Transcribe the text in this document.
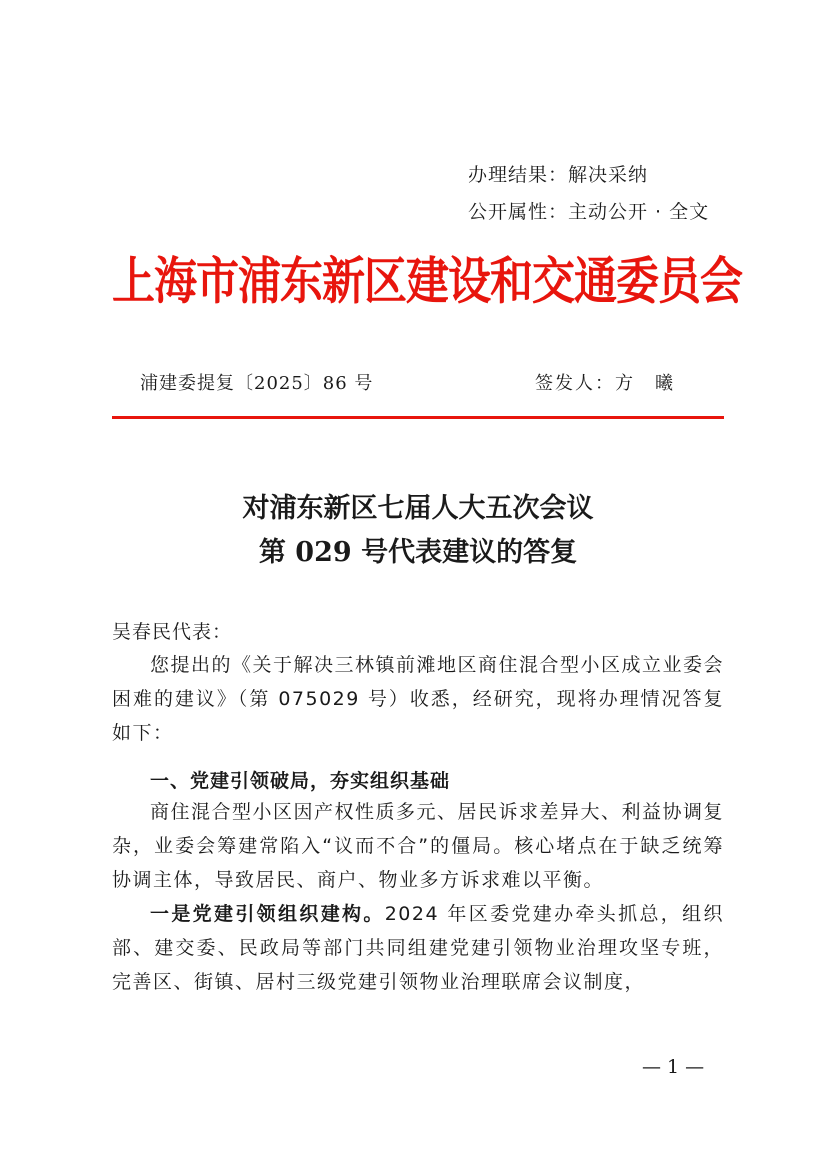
办理结果：解决采纳
公开属性：主动公开 · 全文
上海市浦东新区建设和交通委员会
浦建委提复〔2025〕86 号	签发人：方　曦
对浦东新区七届人大五次会议
第 029 号代表建议的答复
吴春民代表：
您提出的《关于解决三林镇前滩地区商住混合型小区成立业委会困难的建议》（第 075029 号）收悉，经研究，现将办理情况答复如下：
一、党建引领破局，夯实组织基础
商住混合型小区因产权性质多元、居民诉求差异大、利益协调复杂，业委会筹建常陷入“议而不合”的僵局。核心堵点在于缺乏统筹协调主体，导致居民、商户、物业多方诉求难以平衡。
一是党建引领组织建构。2024 年区委党建办牵头抓总，组织部、建交委、民政局等部门共同组建党建引领物业治理攻坚专班，完善区、街镇、居村三级党建引领物业治理联席会议制度，
— 1 —
